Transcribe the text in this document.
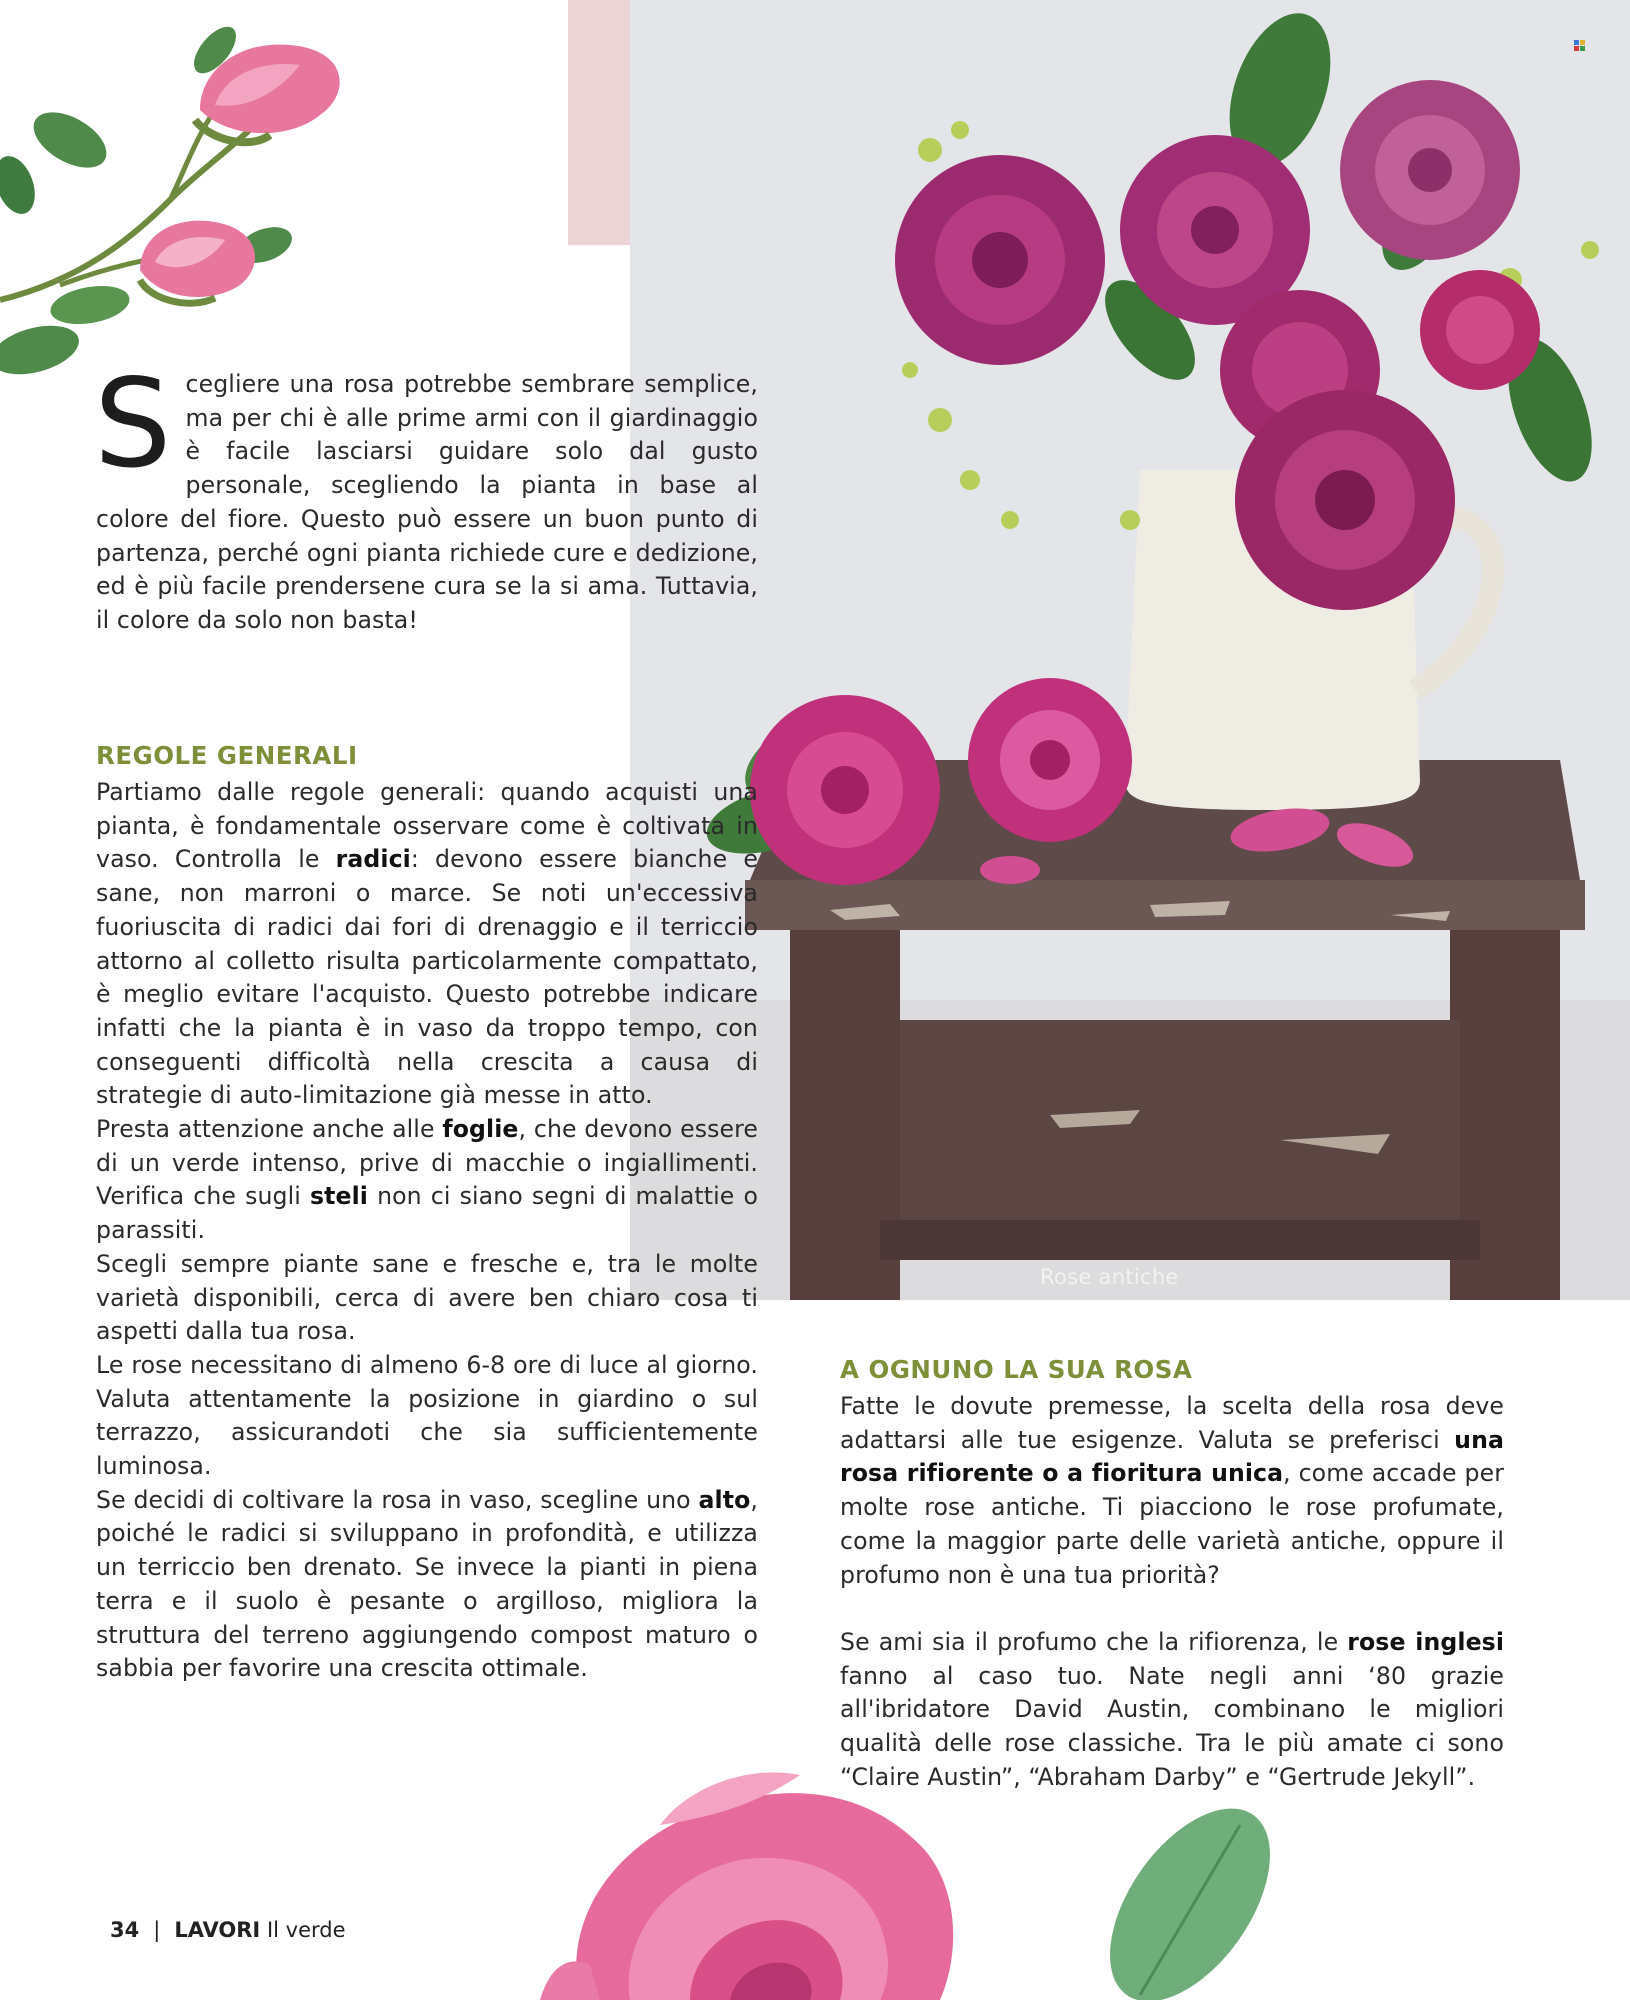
Rose antiche
Scegliere una rosa potrebbe sembrare semplice, ma per chi è alle prime armi con il giardinaggio è facile lasciarsi guidare solo dal gusto personale, scegliendo la pianta in base al colore del fiore. Questo può essere un buon punto di partenza, perché ogni pianta richiede cure e dedizione, ed è più facile prendersene cura se la si ama. Tuttavia, il colore da solo non basta!
REGOLE GENERALI

Partiamo dalle regole generali: quando acquisti una pianta, è fondamentale osservare come è coltivata in vaso. Controlla le radici: devono essere bianche e sane, non marroni o marce. Se noti un'eccessiva fuoriuscita di radici dai fori di drenaggio e il terriccio attorno al colletto risulta particolarmente compattato, è meglio evitare l'acquisto. Questo potrebbe indicare infatti che la pianta è in vaso da troppo tempo, con conseguenti difficoltà nella crescita a causa di strategie di auto-limitazione già messe in atto.

Presta attenzione anche alle foglie, che devono essere di un verde intenso, prive di macchie o ingiallimenti. Verifica che sugli steli non ci siano segni di malattie o parassiti.

Scegli sempre piante sane e fresche e, tra le molte varietà disponibili, cerca di avere ben chiaro cosa ti aspetti dalla tua rosa.

Le rose necessitano di almeno 6-8 ore di luce al giorno. Valuta attentamente la posizione in giardino o sul terrazzo, assicurandoti che sia sufficientemente luminosa.

Se decidi di coltivare la rosa in vaso, scegline uno alto, poiché le radici si sviluppano in profondità, e utilizza un terriccio ben drenato. Se invece la pianti in piena terra e il suolo è pesante o argilloso, migliora la struttura del terreno aggiungendo compost maturo o sabbia per favorire una crescita ottimale.

A OGNUNO LA SUA ROSA

Fatte le dovute premesse, la scelta della rosa deve adattarsi alle tue esigenze. Valuta se preferisci una rosa rifiorente o a fioritura unica, come accade per molte rose antiche. Ti piacciono le rose profumate, come la maggior parte delle varietà antiche, oppure il profumo non è una tua priorità?

Se ami sia il profumo che la rifiorenza, le rose inglesi fanno al caso tuo. Nate negli anni ‘80 grazie all'ibridatore David Austin, combinano le migliori qualità delle rose classiche. Tra le più amate ci sono “Claire Austin”, “Abraham Darby” e “Gertrude Jekyll”.

34 | LAVORI Il verde
